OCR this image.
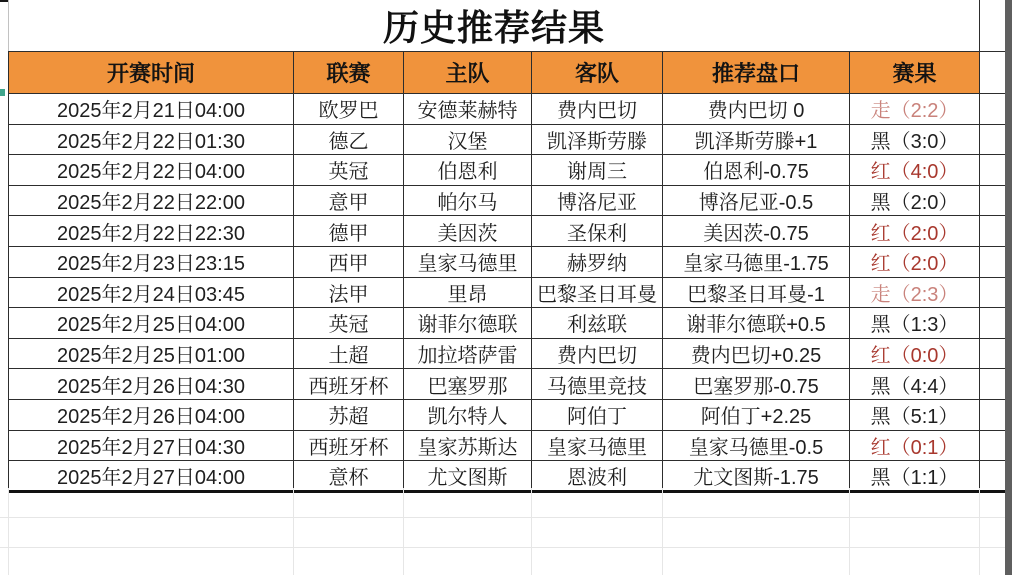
历史推荐结果						
开赛时间	联赛	主队	客队	推荐盘口	赛果	
2025年2月21日04:00	欧罗巴	安德莱赫特	费内巴切	费内巴切 0	走（2:2）	
2025年2月22日01:30	德乙	汉堡	凯泽斯劳滕	凯泽斯劳滕+1	黑（3:0）	
2025年2月22日04:00	英冠	伯恩利	谢周三	伯恩利-0.75	红（4:0）	
2025年2月22日22:00	意甲	帕尔马	博洛尼亚	博洛尼亚-0.5	黑（2:0）	
2025年2月22日22:30	德甲	美因茨	圣保利	美因茨-0.75	红（2:0）	
2025年2月23日23:15	西甲	皇家马德里	赫罗纳	皇家马德里-1.75	红（2:0）	
2025年2月24日03:45	法甲	里昂	巴黎圣日耳曼	巴黎圣日耳曼-1	走（2:3）	
2025年2月25日04:00	英冠	谢菲尔德联	利兹联	谢菲尔德联+0.5	黑（1:3）	
2025年2月25日01:00	土超	加拉塔萨雷	费内巴切	费内巴切+0.25	红（0:0）	
2025年2月26日04:30	西班牙杯	巴塞罗那	马德里竞技	巴塞罗那-0.75	黑（4:4）	
2025年2月26日04:00	苏超	凯尔特人	阿伯丁	阿伯丁+2.25	黑（5:1）	
2025年2月27日04:30	西班牙杯	皇家苏斯达	皇家马德里	皇家马德里-0.5	红（0:1）	
2025年2月27日04:00	意杯	尤文图斯	恩波利	尤文图斯-1.75	黑（1:1）	
